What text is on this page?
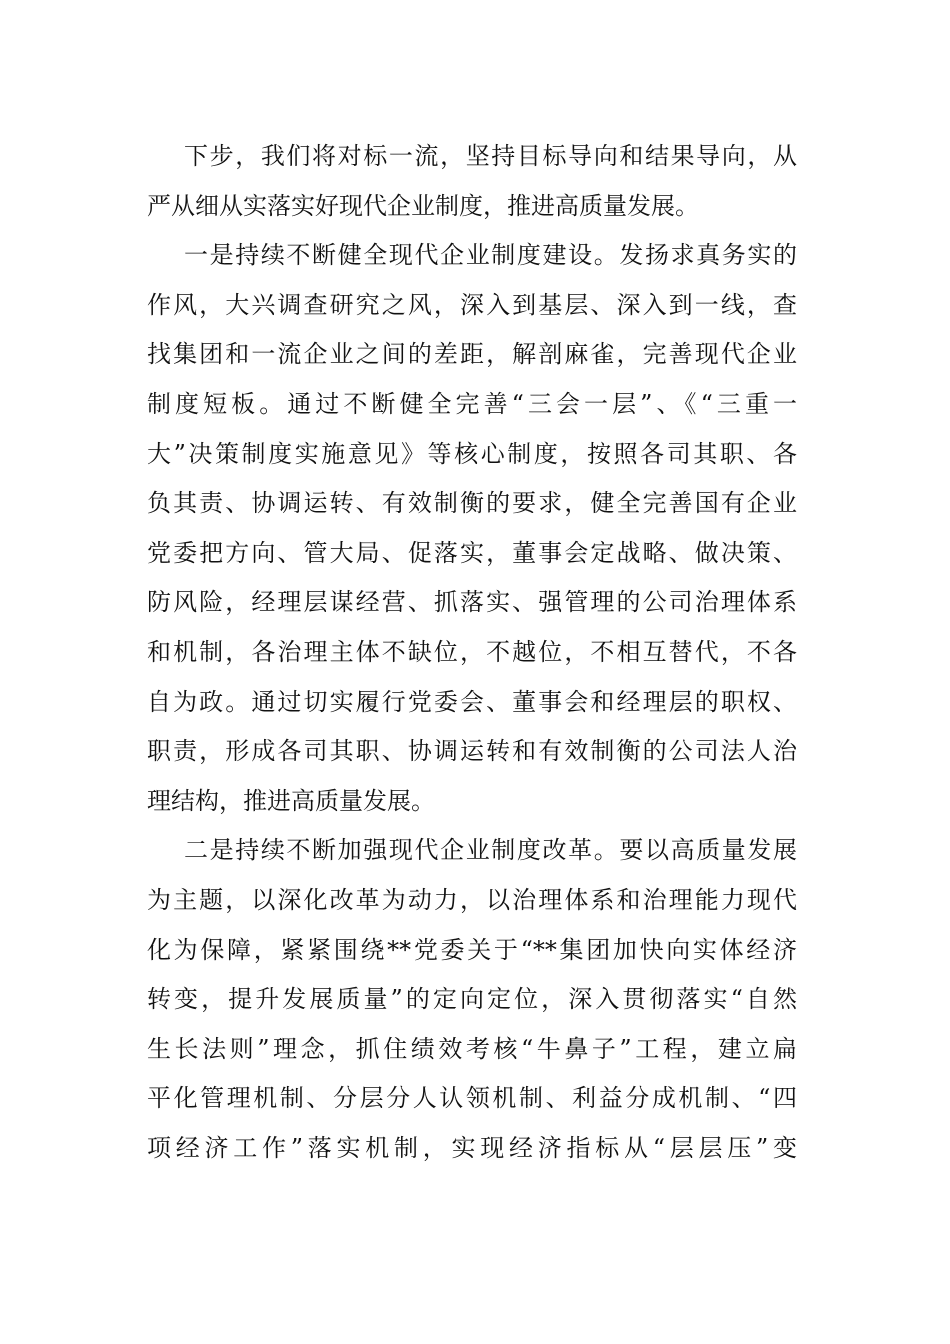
下步，我们将对标一流，坚持目标导向和结果导向，从
严从细从实落实好现代企业制度，推进高质量发展。

一是持续不断健全现代企业制度建设。发扬求真务实的
作风，大兴调查研究之风，深入到基层、深入到一线，查
找集团和一流企业之间的差距，解剖麻雀，完善现代企业
制度短板。通过不断健全完善“三会一层”、《“三重一
大”决策制度实施意见》等核心制度，按照各司其职、各
负其责、协调运转、有效制衡的要求，健全完善国有企业
党委把方向、管大局、促落实，董事会定战略、做决策、
防风险，经理层谋经营、抓落实、强管理的公司治理体系
和机制，各治理主体不缺位，不越位，不相互替代，不各
自为政。通过切实履行党委会、董事会和经理层的职权、
职责，形成各司其职、协调运转和有效制衡的公司法人治
理结构，推进高质量发展。

二是持续不断加强现代企业制度改革。要以高质量发展
为主题，以深化改革为动力，以治理体系和治理能力现代
化为保障，紧紧围绕**党委关于“**集团加快向实体经济
转变，提升发展质量”的定向定位，深入贯彻落实“自然
生长法则”理念，抓住绩效考核“牛鼻子”工程，建立扁
平化管理机制、分层分人认领机制、利益分成机制、“四
项经济工作”落实机制，实现经济指标从“层层压”变
